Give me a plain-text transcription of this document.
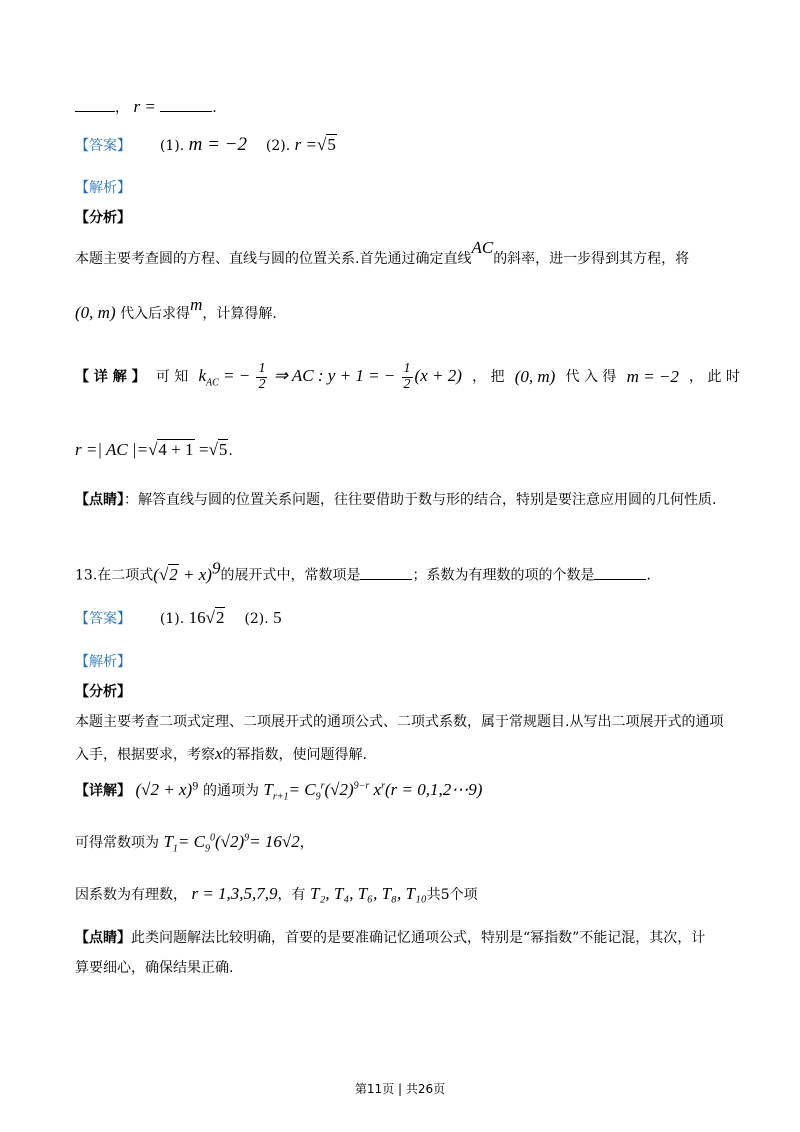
， r =	.
【答案】 (1). m = −2 (2). r =√5
【解析】
【分析】
本题主要考查圆的方程、直线与圆的位置关系.首先通过确定直线AC的斜率，进一步得到其方程，将
(0, m) 代入后求得m，计算得解.
【 详 解 】 可 知 $k_{AC}$ = − $\frac{1}{2}$ ⇒ AC : y + 1 = − $\frac{1}{2} (x + 2)$ ， 把 (0, m) 代 入 得 m = −2 ， 此 时
r =| AC |=√4 + 1 =√5.
【点睛】：解答直线与圆的位置关系问题，往往要借助于数与形的结合，特别是要注意应用圆的几何性质.
13.在二项式$(√2 + x)^9$的展开式中，常数项是	；系数为有理数的项的个数是	.
【答案】 (1). 16√2 (2). 5
【解析】
【分析】
本题主要考查二项式定理、二项展开式的通项公式、二项式系数，属于常规题目.从写出二项展开式的通项
入手，根据要求，考察x的幂指数，使问题得解.
【详解】 $(√2 + x)^9$ 的通项为 $T_{r+1}= C_9^r(√2)^{9-r}$ $x^r(r$ = 0,1,2⋯9)
可得常数项为 $T_1= C_9^0(√2)^9= 16√2$，
因系数为有理数， r = 1,3,5,7,9，有 T₂, T₄, T₆, T₈, T₁₀共5个项
【点睛】此类问题解法比较明确，首要的是要准确记忆通项公式，特别是“幂指数”不能记混，其次，计
算要细心，确保结果正确.
第11页 | 共26页
